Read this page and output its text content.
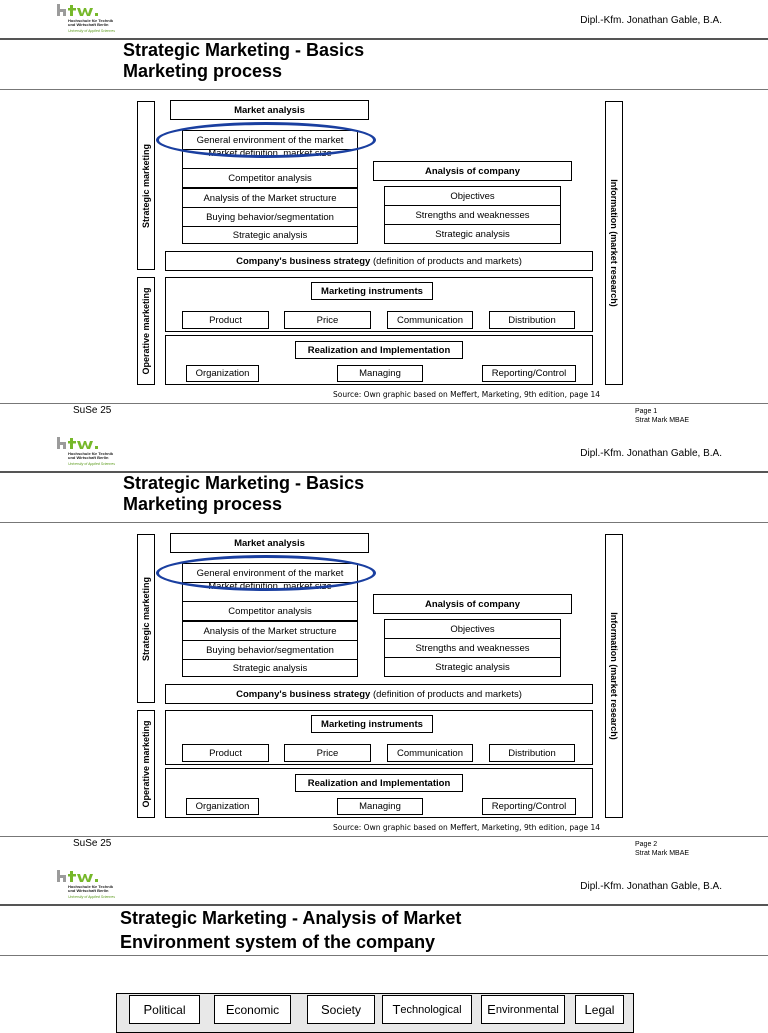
Hochschule für Technik
und Wirtschaft Berlin
University of Applied Sciences
Dipl.-Kfm. Jonathan Gable, B.A.
Strategic Marketing - Basics
Marketing process
Strategic marketing
Operative marketing
Information (market research)
Market analysis
General environment of the market
Market definition, market size
Competitor analysis
Analysis of the Market structure
Buying behavior/segmentation
Strategic analysis
Analysis of company
Objectives
Strengths and weaknesses
Strategic analysis
Company's business strategy (definition of products and markets)
Marketing instruments
Product	Price	Communication	Distribution
Realization and Implementation
Organization	Managing	Reporting/Control
Source: Own graphic based on Meffert, Marketing, 9th edition, page 14
SuSe 25	Page 1
Strat Mark MBAE
Hochschule für Technik
und Wirtschaft Berlin
University of Applied Sciences
Dipl.-Kfm. Jonathan Gable, B.A.
Strategic Marketing - Basics
Marketing process
Strategic marketing
Operative marketing
Information (market research)
Market analysis
General environment of the market
Market definition, market size
Competitor analysis
Analysis of the Market structure
Buying behavior/segmentation
Strategic analysis
Analysis of company
Objectives
Strengths and weaknesses
Strategic analysis
Company's business strategy (definition of products and markets)
Marketing instruments
Product	Price	Communication	Distribution
Realization and Implementation
Organization	Managing	Reporting/Control
Source: Own graphic based on Meffert, Marketing, 9th edition, page 14
SuSe 25	Page 2
Strat Mark MBAE
Hochschule für Technik
und Wirtschaft Berlin
University of Applied Sciences
Dipl.-Kfm. Jonathan Gable, B.A.
Strategic Marketing - Analysis of Market
Environment system of the company
P olitical	E conomic	S ociety T echnological E nvironmental L egal
